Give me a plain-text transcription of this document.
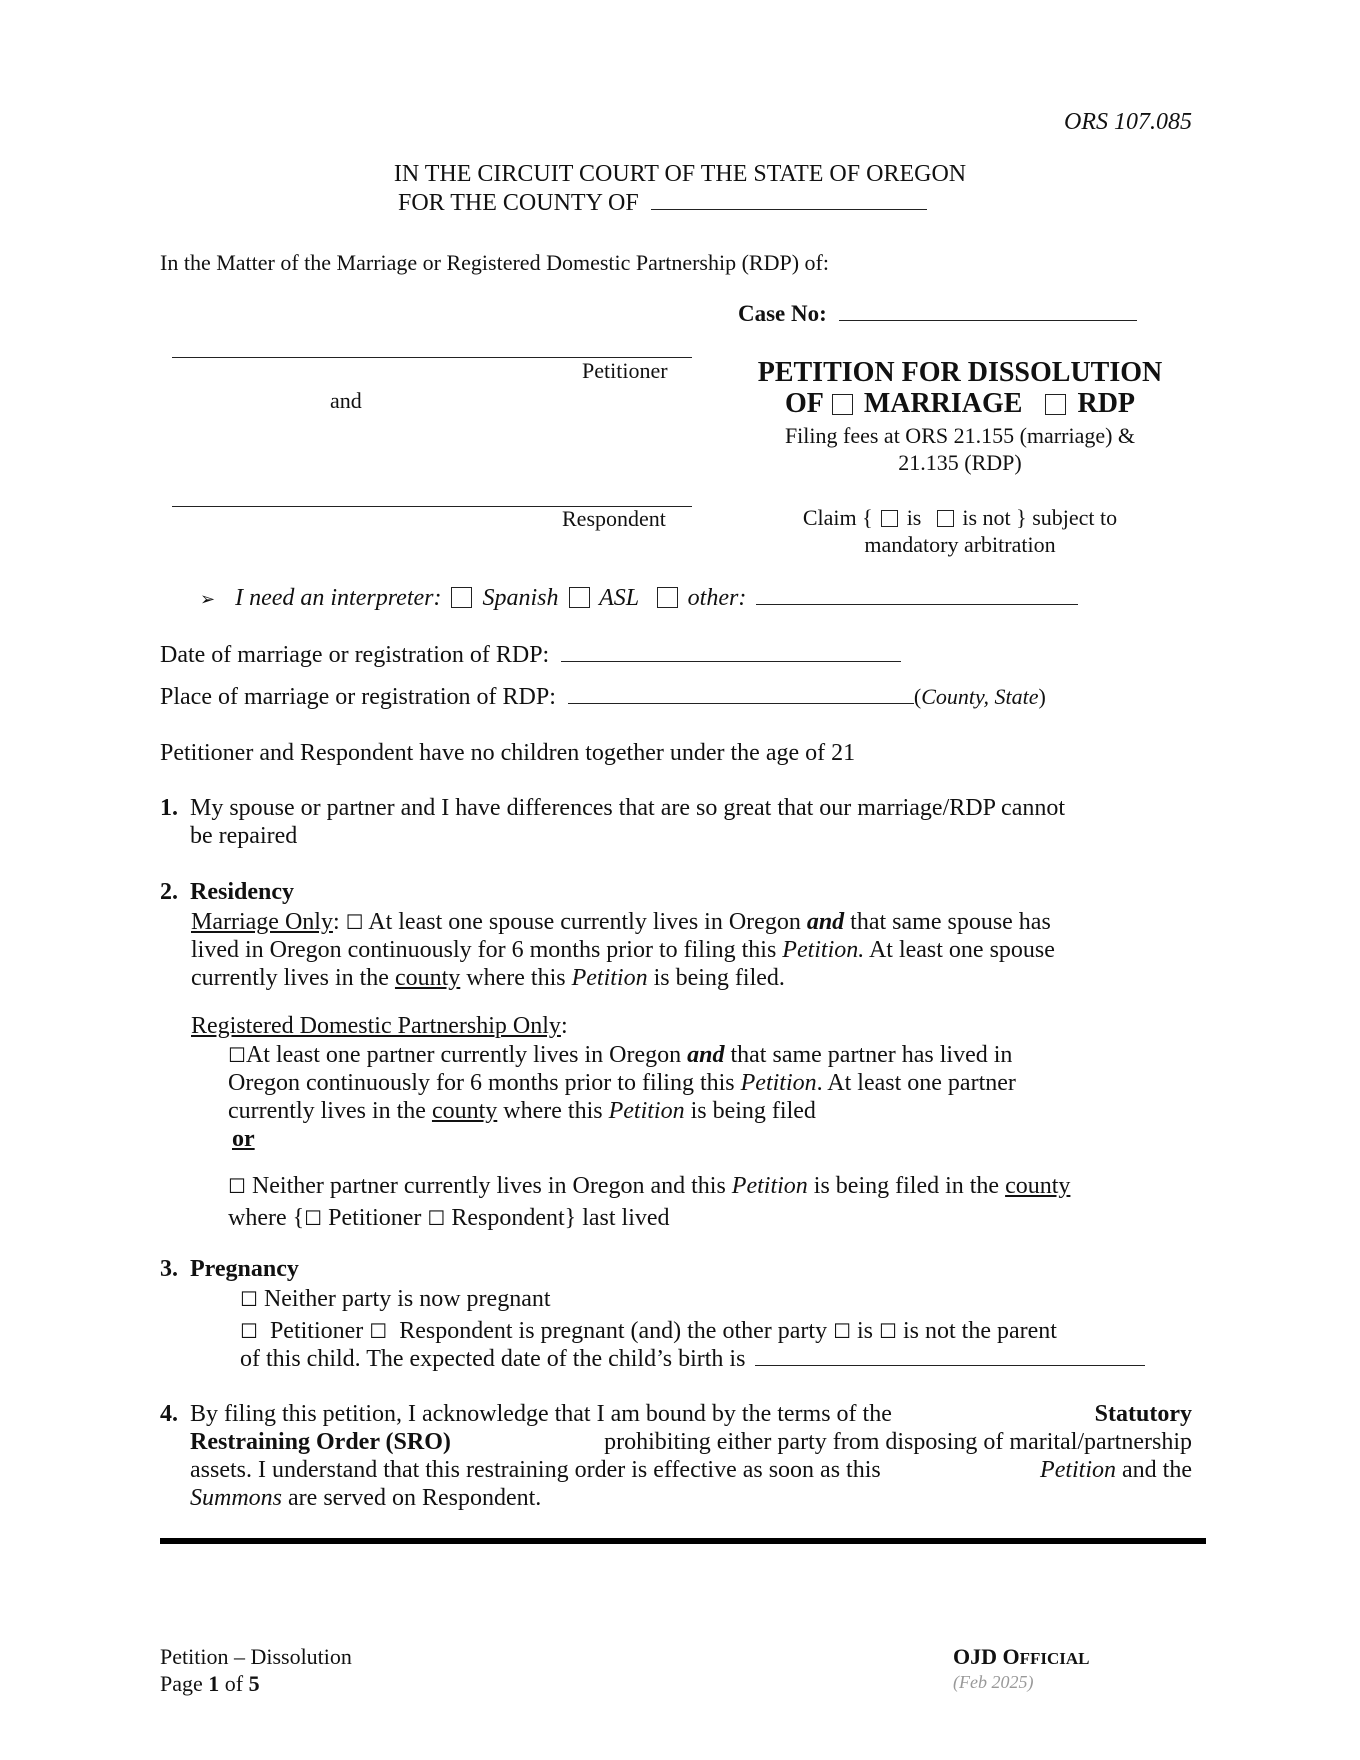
ORS 107.085
IN THE CIRCUIT COURT OF THE STATE OF OREGON
FOR THE COUNTY OF
In the Matter of the Marriage or Registered Domestic Partnership (RDP) of:
Case No:
Petitioner
and
Respondent
PETITION FOR DISSOLUTION
OF MARRIAGE RDP
Filing fees at ORS 21.155 (marriage) &
21.135 (RDP)
Claim { is is not } subject to
mandatory arbitration
➢ I need an interpreter: Spanish ASL other:
Date of marriage or registration of RDP:
Place of marriage or registration of RDP:	(County, State)
Petitioner and Respondent have no children together under the age of 21
1. My spouse or partner and I have differences that are so great that our marriage/RDP cannot
be repaired
2. Residency
Marriage Only: ☐ At least one spouse currently lives in Oregon and that same spouse has
lived in Oregon continuously for 6 months prior to filing this Petition. At least one spouse
currently lives in the county where this Petition is being filed.
Registered Domestic Partnership Only:
☐At least one partner currently lives in Oregon and that same partner has lived in
Oregon continuously for 6 months prior to filing this Petition. At least one partner
currently lives in the county where this Petition is being filed
or
☐ Neither partner currently lives in Oregon and this Petition is being filed in the county
where {☐ Petitioner ☐ Respondent} last lived
3. Pregnancy
☐ Neither party is now pregnant
☐ Petitioner ☐ Respondent is pregnant (and) the other party ☐ is ☐ is not the parent
of this child. The expected date of the child’s birth is
4. By filing this petition, I acknowledge that I am bound by the terms of the	Statutory
Restraining Order (SRO)	prohibiting either party from disposing of marital/partnership
assets. I understand that this restraining order is effective as soon as this	Petition and the
Summons are served on Respondent.
Petition – Dissolution
Page 1 of 5
OJD OFFICIAL
(Feb 2025)
